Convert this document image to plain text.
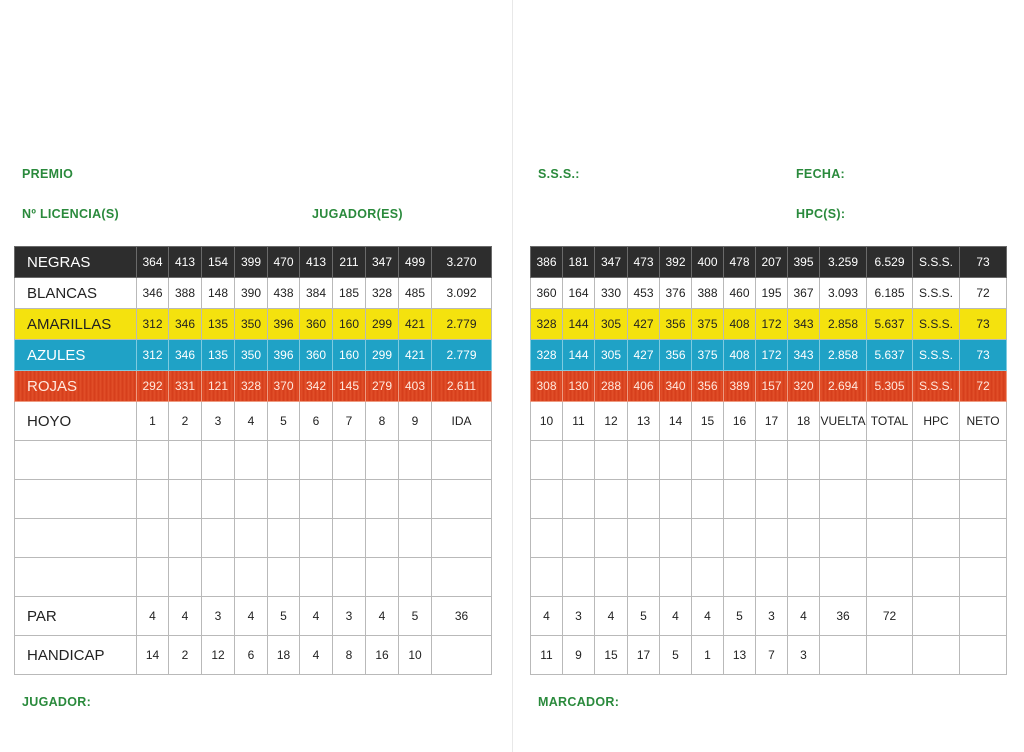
PREMIO
Nº LICENCIA(S)	JUGADOR(ES)
NEGRAS	364	413	154	399	470	413	211	347	499	3.270
BLANCAS	346	388	148	390	438	384	185	328	485	3.092
AMARILLAS	312	346	135	350	396	360	160	299	421	2.779
AZULES	312	346	135	350	396	360	160	299	421	2.779
ROJAS	292	331	121	328	370	342	145	279	403	2.611
HOYO	1	2	3	4	5	6	7	8	9	IDA

PAR	4	4	3	4	5	4	3	4	5	36
HANDICAP	14	2	12	6	18	4	8	16	10	
JUGADOR:
S.S.S.:	FECHA:
HPC(S):
386	181	347	473	392	400	478	207	395	3.259	6.529	S.S.S.	73
360	164	330	453	376	388	460	195	367	3.093	6.185	S.S.S.	72
328	144	305	427	356	375	408	172	343	2.858	5.637	S.S.S.	73
328	144	305	427	356	375	408	172	343	2.858	5.637	S.S.S.	73
308	130	288	406	340	356	389	157	320	2.694	5.305	S.S.S.	72
10	11	12	13	14	15	16	17	18	VUELTA	TOTAL	HPC	NETO

4	3	4	5	4	4	5	3	4	36	72		
11	9	15	17	5	1	13	7	3				
MARCADOR:
